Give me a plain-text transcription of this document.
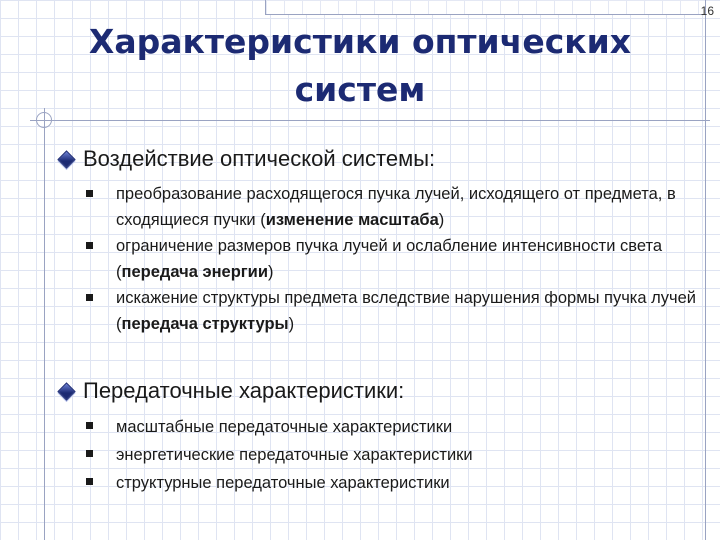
16
Характеристики оптических
систем
Воздействие оптической системы:
преобразование расходящегося пучка лучей, исходящего от предмета, в сходящиеся пучки (изменение масштаба)
ограничение размеров пучка лучей и ослабление интенсивности света (передача энергии)
искажение структуры предмета вследствие нарушения формы пучка лучей (передача структуры)
Передаточные характеристики:
масштабные передаточные характеристики
энергетические передаточные характеристики
структурные передаточные характеристики
